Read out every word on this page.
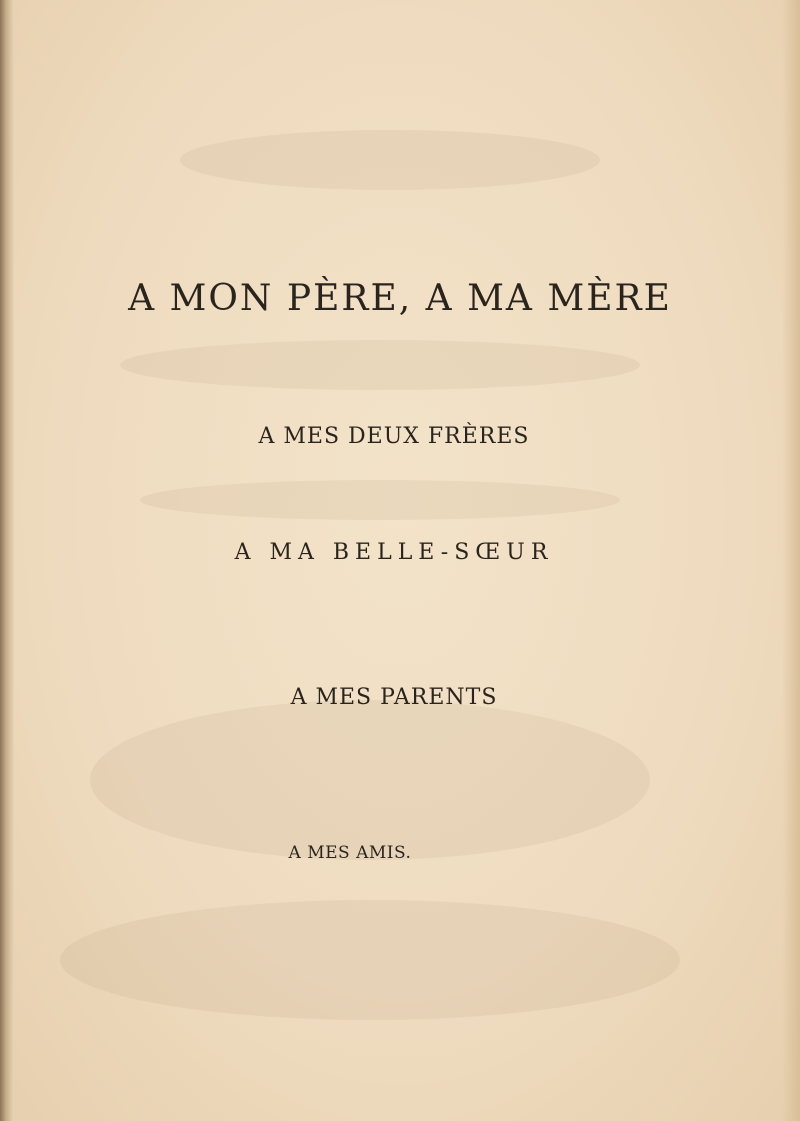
A MON PÈRE, A MA MÈRE
A MES DEUX FRÈRES
A MA BELLE-SŒUR
A MES PARENTS
A MES AMIS.
